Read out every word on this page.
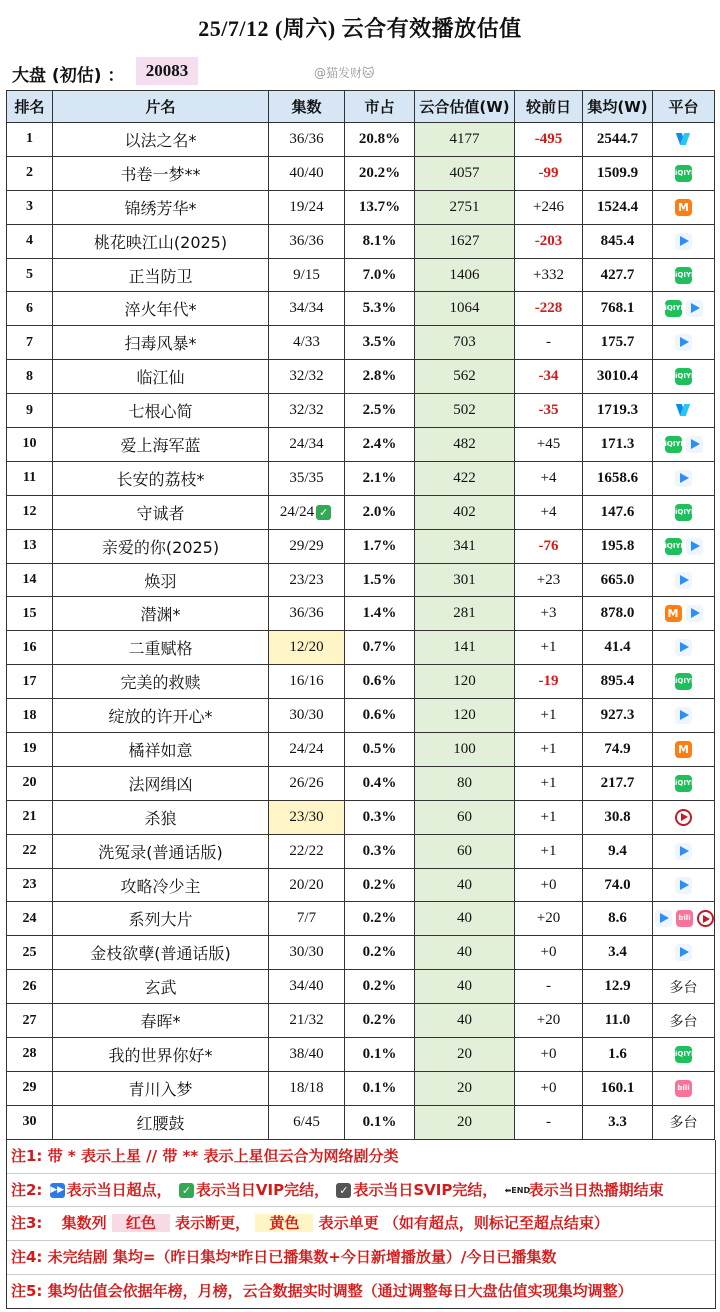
25/7/12 (周六) 云合有效播放估值
大盘 (初估) ：	20083	@猫发财🐱
排名	片名	集数	市占	云合估值(W)	较前日	集均(W)	平台
1	以法之名*	36/36	20.8%	4177	-495	2544.7	
2	书卷一梦**	40/40	20.2%	4057	-99	1509.9	iQIYI
3	锦绣芳华*	19/24	13.7%	2751	+246	1524.4	M
4	桃花映江山(2025)	36/36	8.1%	1627	-203	845.4	
5	正当防卫	9/15	7.0%	1406	+332	427.7	iQIYI
6	淬火年代*	34/34	5.3%	1064	-228	768.1	iQIYI
7	扫毒风暴*	4/33	3.5%	703	-	175.7	
8	临江仙	32/32	2.8%	562	-34	3010.4	iQIYI
9	七根心简	32/32	2.5%	502	-35	1719.3	
10	爱上海军蓝	24/34	2.4%	482	+45	171.3	iQIYI
11	长安的荔枝*	35/35	2.1%	422	+4	1658.6	
12	守诚者	24/24 ✓	2.0%	402	+4	147.6	iQIYI
13	亲爱的你(2025)	29/29	1.7%	341	-76	195.8	iQIYI
14	焕羽	23/23	1.5%	301	+23	665.0	
15	潜渊*	36/36	1.4%	281	+3	878.0	M
16	二重赋格	12/20	0.7%	141	+1	41.4	
17	完美的救赎	16/16	0.6%	120	-19	895.4	iQIYI
18	绽放的许开心*	30/30	0.6%	120	+1	927.3	
19	橘祥如意	24/24	0.5%	100	+1	74.9	M
20	法网缉凶	26/26	0.4%	80	+1	217.7	iQIYI
21	杀狼	23/30	0.3%	60	+1	30.8	
22	洗冤录(普通话版)	22/22	0.3%	60	+1	9.4	
23	攻略冷少主	20/20	0.2%	40	+0	74.0	
24	系列大片	7/7	0.2%	40	+20	8.6	bili
25	金枝欲孽(普通话版)	30/30	0.2%	40	+0	3.4	
26	玄武	34/40	0.2%	40	-	12.9	多台
27	春晖*	21/32	0.2%	40	+20	11.0	多台
28	我的世界你好*	38/40	0.1%	20	+0	1.6	iQIYI
29	青川入梦	18/18	0.1%	20	+0	160.1	bili
30	红腰鼓	6/45	0.1%	20	-	3.3	多台
注1: 带 * 表示上星 // 带 ** 表示上星但云合为网络剧分类
注2: ▶▶ 表示当日超点， ✓ 表示当日VIP完结， ✓ 表示当日SVIP完结， ⬅END表示当日热播期结束
注3: 集数列 红色 表示断更， 黄色 表示单更 （如有超点，则标记至超点结束）
注4: 未完结剧 集均=（昨日集均*昨日已播集数+今日新增播放量）/今日已播集数
注5: 集均估值会依据年榜，月榜，云合数据实时调整（通过调整每日大盘估值实现集均调整）
